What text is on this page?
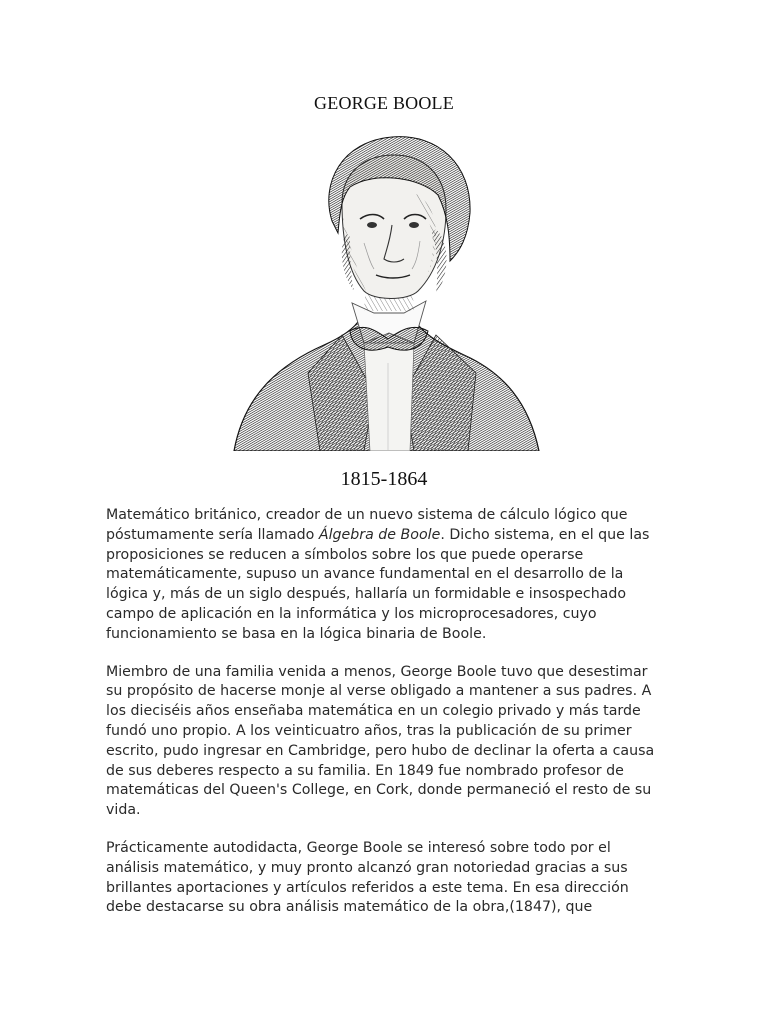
GEORGE BOOLE
1815-1864

Matemático británico, creador de un nuevo sistema de cálculo lógico que póstumamente sería llamado Álgebra de Boole. Dicho sistema, en el que las proposiciones se reducen a símbolos sobre los que puede operarse matemáticamente, supuso un avance fundamental en el desarrollo de la lógica y, más de un siglo después, hallaría un formidable e insospechado campo de aplicación en la informática y los microprocesadores, cuyo funcionamiento se basa en la lógica binaria de Boole.

Miembro de una familia venida a menos, George Boole tuvo que desestimar su propósito de hacerse monje al verse obligado a mantener a sus padres. A los dieciséis años enseñaba matemática en un colegio privado y más tarde fundó uno propio. A los veinticuatro años, tras la publicación de su primer escrito, pudo ingresar en Cambridge, pero hubo de declinar la oferta a causa de sus deberes respecto a su familia. En 1849 fue nombrado profesor de matemáticas del Queen's College, en Cork, donde permaneció el resto de su vida.

Prácticamente autodidacta, George Boole se interesó sobre todo por el análisis matemático, y muy pronto alcanzó gran notoriedad gracias a sus brillantes aportaciones y artículos referidos a este tema. En esa dirección debe destacarse su obra análisis matemático de la obra,(1847), que
